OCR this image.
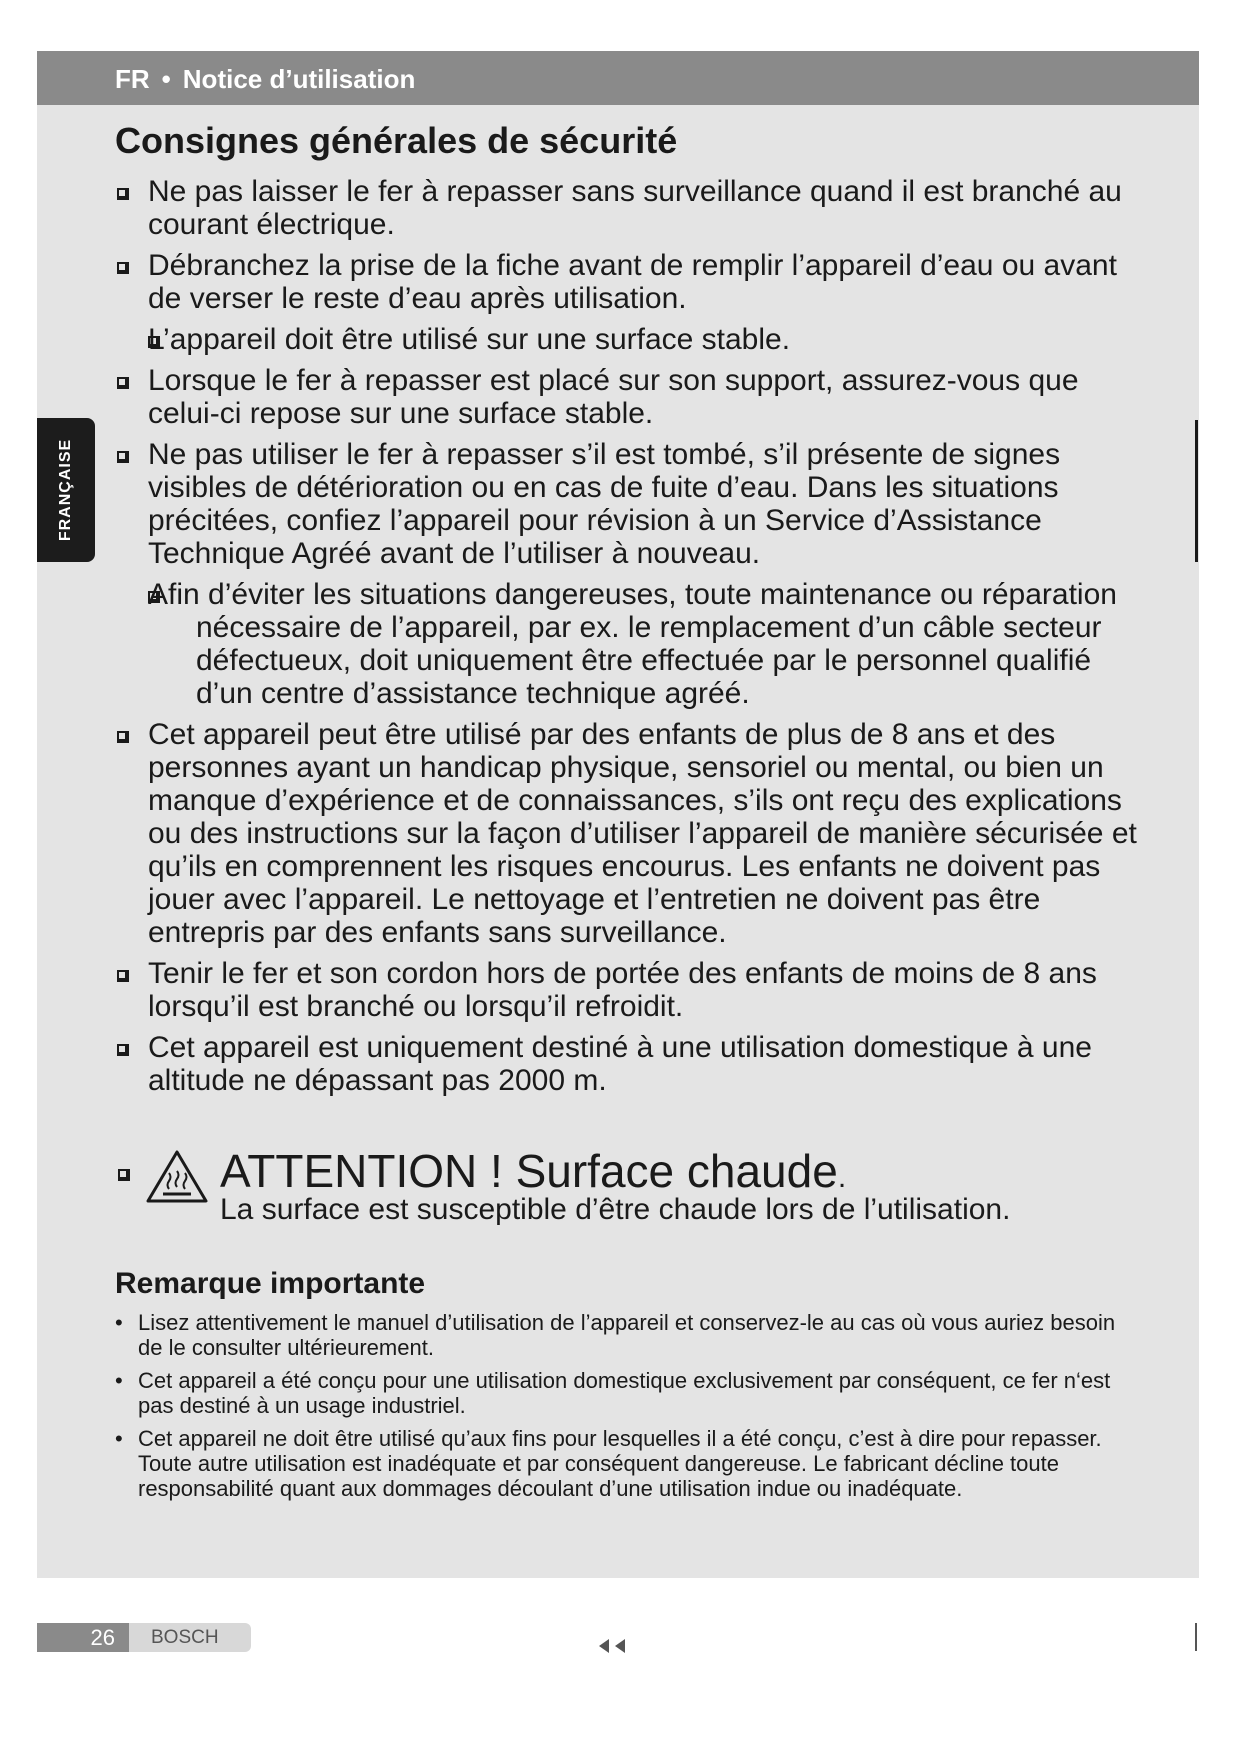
FR • Notice d’utilisation
FRANÇAISE
Consignes générales de sécurité
Ne pas laisser le fer à repasser sans surveillance quand il est branché au courant électrique.
Débranchez la prise de la fiche avant de remplir l’appareil d’eau ou avant de verser le reste d’eau après utilisation.
L’appareil doit être utilisé sur une surface stable.
Lorsque le fer à repasser est placé sur son support, assurez-vous que celui-ci repose sur une surface stable.
Ne pas utiliser le fer à repasser s’il est tombé, s’il présente de signes visibles de détérioration ou en cas de fuite d’eau. Dans les situations précitées, confiez l’appareil pour révision à un Service d’Assistance Technique Agréé avant de l’utiliser à nouveau.
Afin d’éviter les situations dangereuses, toute maintenance ou réparation nécessaire de l’appareil, par ex. le remplacement d’un câble secteur défectueux, doit uniquement être effectuée par le personnel qualifié d’un centre d’assistance technique agréé.
Cet appareil peut être utilisé par des enfants de plus de 8 ans et des personnes ayant un handicap physique, sensoriel ou mental, ou bien un manque d’expérience et de connaissances, s’ils ont reçu des explications ou des instructions sur la façon d’utiliser l’appareil de manière sécurisée et qu’ils en comprennent les risques encourus. Les enfants ne doivent pas jouer avec l’appareil. Le nettoyage et l’entretien ne doivent pas être entrepris par des enfants sans surveillance.
Tenir le fer et son cordon hors de portée des enfants de moins de 8 ans lorsqu’il est branché ou lorsqu’il refroidit.
Cet appareil est uniquement destiné à une utilisation domestique à une altitude ne dépassant pas 2000 m.
ATTENTION ! Surface chaude.
La surface est susceptible d’être chaude lors de l’utilisation.
Remarque importante
• Lisez attentivement le manuel d’utilisation de l’appareil et conservez-le au cas où vous auriez besoin de le consulter ultérieurement.
• Cet appareil a été conçu pour une utilisation domestique exclusivement par conséquent, ce fer n‘est pas destiné à un usage industriel.
• Cet appareil ne doit être utilisé qu’aux fins pour lesquelles il a été conçu, c’est à dire pour repasser. Toute autre utilisation est inadéquate et par conséquent dangereuse. Le fabricant décline toute responsabilité quant aux dommages découlant d’une utilisation indue ou inadéquate.
26	BOSCH
